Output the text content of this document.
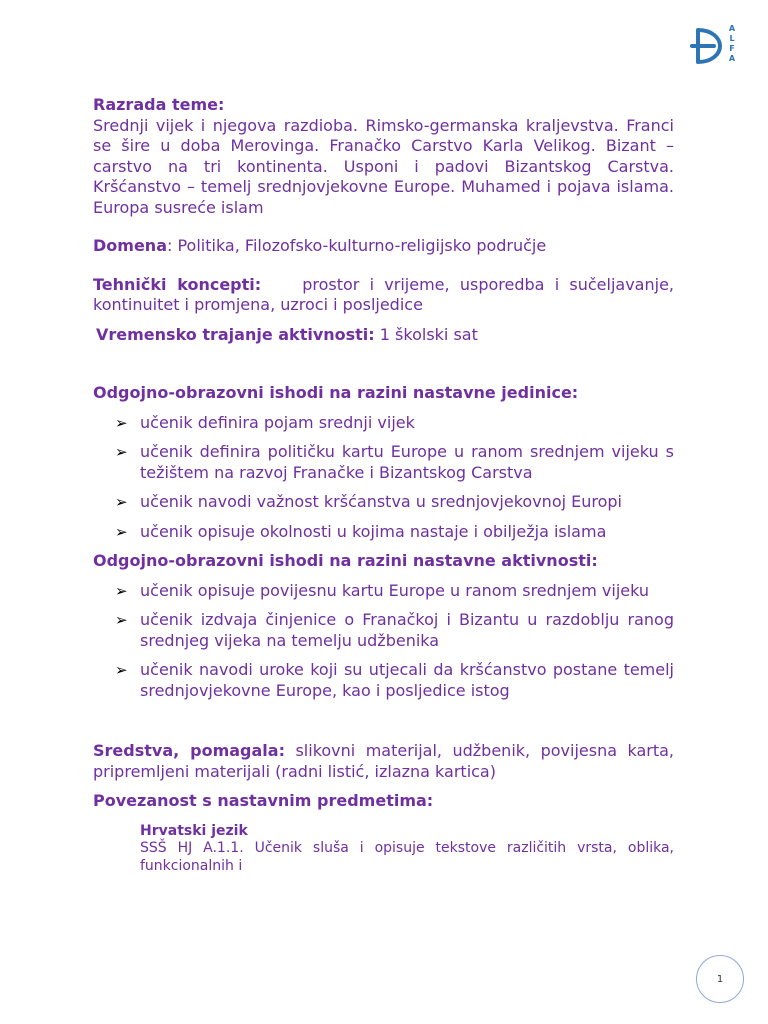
A
L
F
A
Razrada teme:
Srednji vijek i njegova razdioba. Rimsko-germanska kraljevstva. Franci se šire u doba Merovinga. Franačko Carstvo Karla Velikog. Bizant – carstvo na tri kontinenta. Usponi i padovi Bizantskog Carstva. Kršćanstvo – temelj srednjovjekovne Europe. Muhamed i pojava islama. Europa susreće islam
Domena: Politika, Filozofsko-kulturno-religijsko područje
Tehnički koncepti:	prostor i vrijeme, usporedba i sučeljavanje, kontinuitet i promjena, uzroci i posljedice
Vremensko trajanje aktivnosti: 1 školski sat
Odgojno-obrazovni ishodi na razini nastavne jedinice:
➢ učenik definira pojam srednji vijek
➢ učenik definira političku kartu Europe u ranom srednjem vijeku s težištem na razvoj Franačke i Bizantskog Carstva
➢ učenik navodi važnost kršćanstva u srednjovjekovnoj Europi
➢ učenik opisuje okolnosti u kojima nastaje i obilježja islama
Odgojno-obrazovni ishodi na razini nastavne aktivnosti:
➢ učenik opisuje povijesnu kartu Europe u ranom srednjem vijeku
➢ učenik izdvaja činjenice o Franačkoj i Bizantu u razdoblju ranog srednjeg vijeka na temelju udžbenika
➢ učenik navodi uroke koji su utjecali da kršćanstvo postane temelj srednjovjekovne Europe, kao i posljedice istog
Sredstva, pomagala: slikovni materijal, udžbenik, povijesna karta, pripremljeni materijali (radni listić, izlazna kartica)
Povezanost s nastavnim predmetima:
Hrvatski jezik
SSŠ HJ A.1.1. Učenik sluša i opisuje tekstove različitih vrsta, oblika, funkcionalnih i
1
